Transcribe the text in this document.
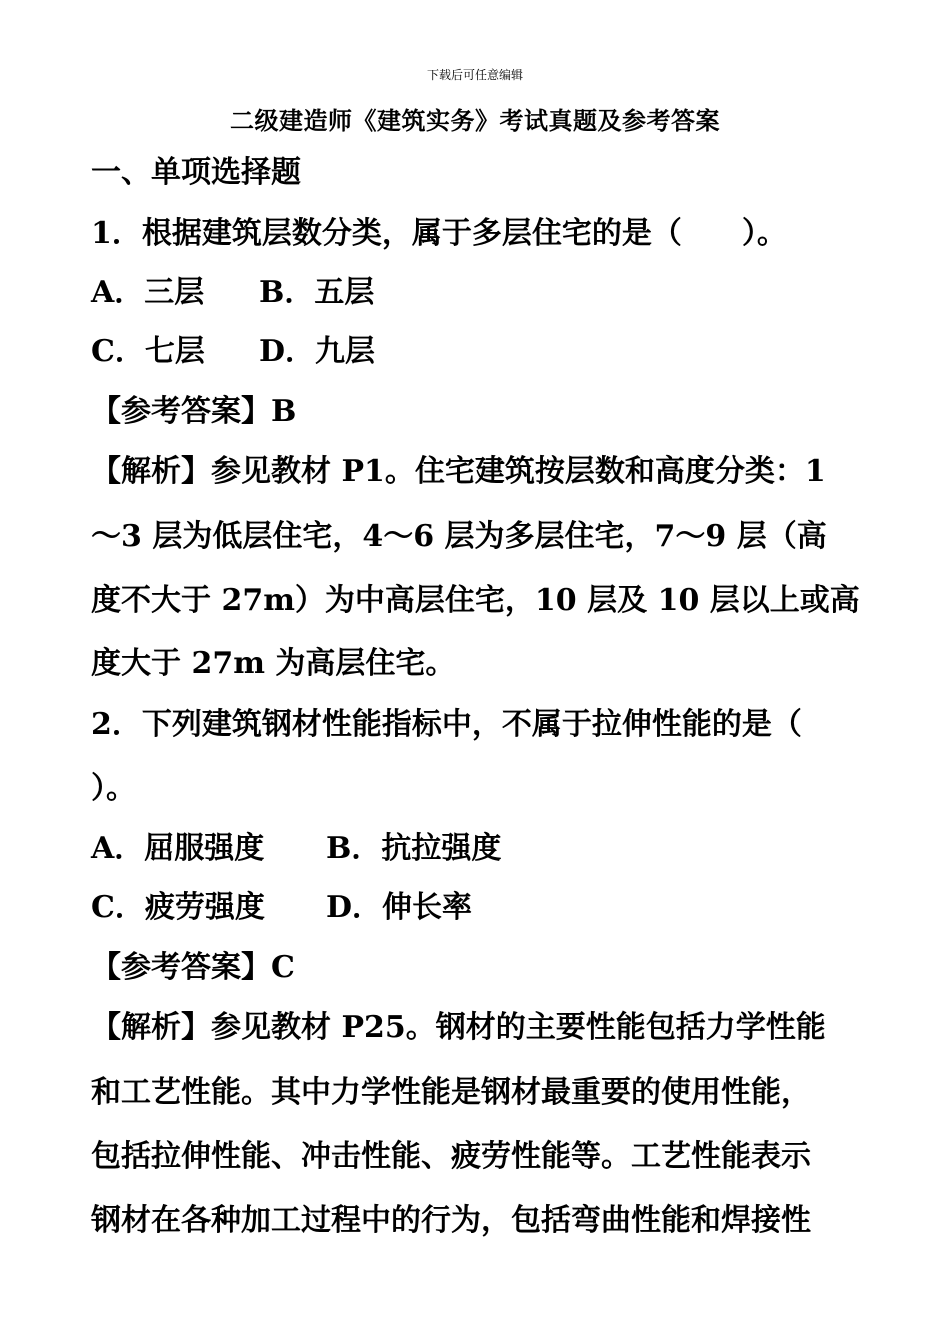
下载后可任意编辑
二级建造师《建筑实务》考试真题及参考答案
一、单项选择题
1．根据建筑层数分类，属于多层住宅的是（　　）。
A．三层 B．五层
C．七层 D．九层
【参考答案】B
【解析】参见教材 P1。住宅建筑按层数和高度分类：1
～3 层为低层住宅，4～6 层为多层住宅，7～9 层（高
度不大于 27m）为中高层住宅，10 层及 10 层以上或高
度大于 27m 为高层住宅。
2．下列建筑钢材性能指标中，不属于拉伸性能的是（
）。
A．屈服强度 B．抗拉强度
C．疲劳强度 D．伸长率
【参考答案】C
【解析】参见教材 P25。钢材的主要性能包括力学性能
和工艺性能。其中力学性能是钢材最重要的使用性能，
包括拉伸性能、冲击性能、疲劳性能等。工艺性能表示
钢材在各种加工过程中的行为，包括弯曲性能和焊接性
